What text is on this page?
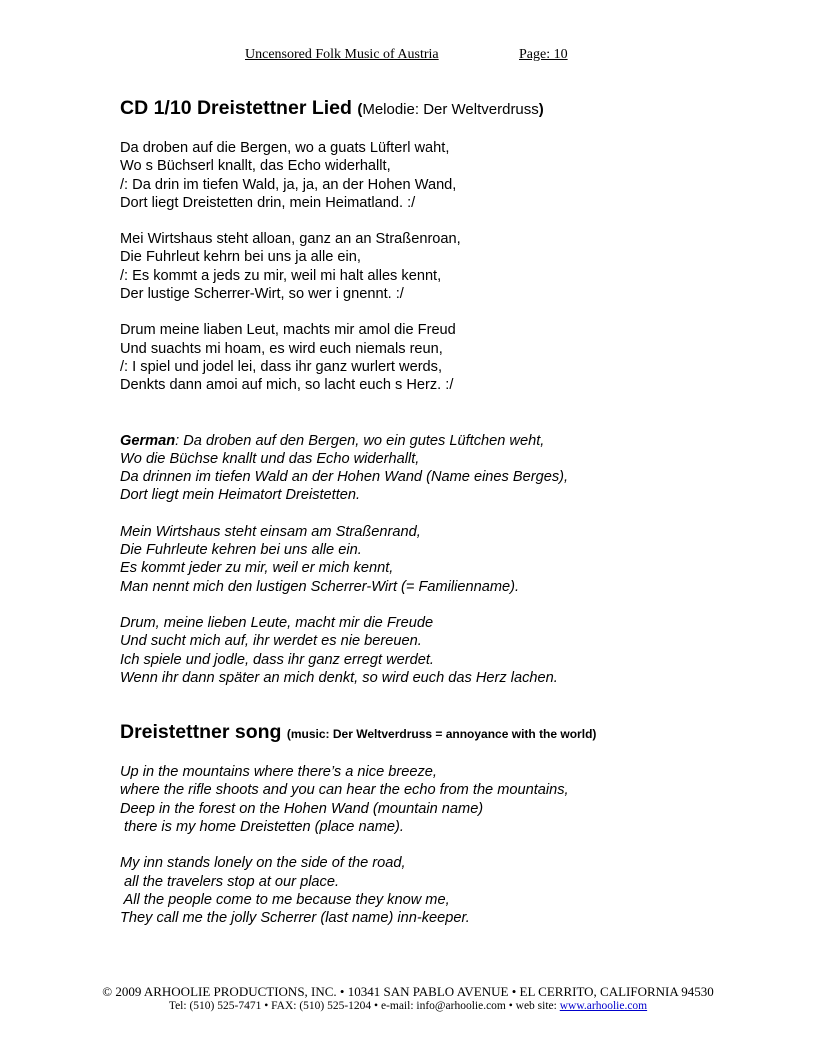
Uncensored Folk Music of Austria	Page: 10
CD 1/10 Dreistettner Lied (Melodie: Der Weltverdruss)

Da droben auf die Bergen, wo a guats Lüfterl waht,
Wo s Büchserl knallt, das Echo widerhallt,
/: Da drin im tiefen Wald, ja, ja, an der Hohen Wand,
Dort liegt Dreistetten drin, mein Heimatland. :/

Mei Wirtshaus steht alloan, ganz an an Straßenroan,
Die Fuhrleut kehrn bei uns ja alle ein,
/: Es kommt a jeds zu mir, weil mi halt alles kennt,
Der lustige Scherrer-Wirt, so wer i gnennt. :/

Drum meine liaben Leut, machts mir amol die Freud
Und suachts mi hoam, es wird euch niemals reun,
/: I spiel und jodel lei, dass ihr ganz wurlert werds,
Denkts dann amoi auf mich, so lacht euch s Herz. :/

German: Da droben auf den Bergen, wo ein gutes Lüftchen weht,
Wo die Büchse knallt und das Echo widerhallt,
Da drinnen im tiefen Wald an der Hohen Wand (Name eines Berges),
Dort liegt mein Heimatort Dreistetten.

Mein Wirtshaus steht einsam am Straßenrand,
Die Fuhrleute kehren bei uns alle ein.
Es kommt jeder zu mir, weil er mich kennt,
Man nennt mich den lustigen Scherrer-Wirt (= Familienname).

Drum, meine lieben Leute, macht mir die Freude
Und sucht mich auf, ihr werdet es nie bereuen.
Ich spiele und jodle, dass ihr ganz erregt werdet.
Wenn ihr dann später an mich denkt, so wird euch das Herz lachen.

Dreistettner song (music: Der Weltverdruss = annoyance with the world)

Up in the mountains where there’s a nice breeze,
where the rifle shoots and you can hear the echo from the mountains,
Deep in the forest on the Hohen Wand (mountain name)
there is my home Dreistetten (place name).

My inn stands lonely on the side of the road,
all the travelers stop at our place.
All the people come to me because they know me,
They call me the jolly Scherrer (last name) inn-keeper.

© 2009 ARHOOLIE PRODUCTIONS, INC. • 10341 SAN PABLO AVENUE • EL CERRITO, CALIFORNIA 94530
Tel: (510) 525-7471 • FAX: (510) 525-1204 • e-mail: info@arhoolie.com • web site: www.arhoolie.com
